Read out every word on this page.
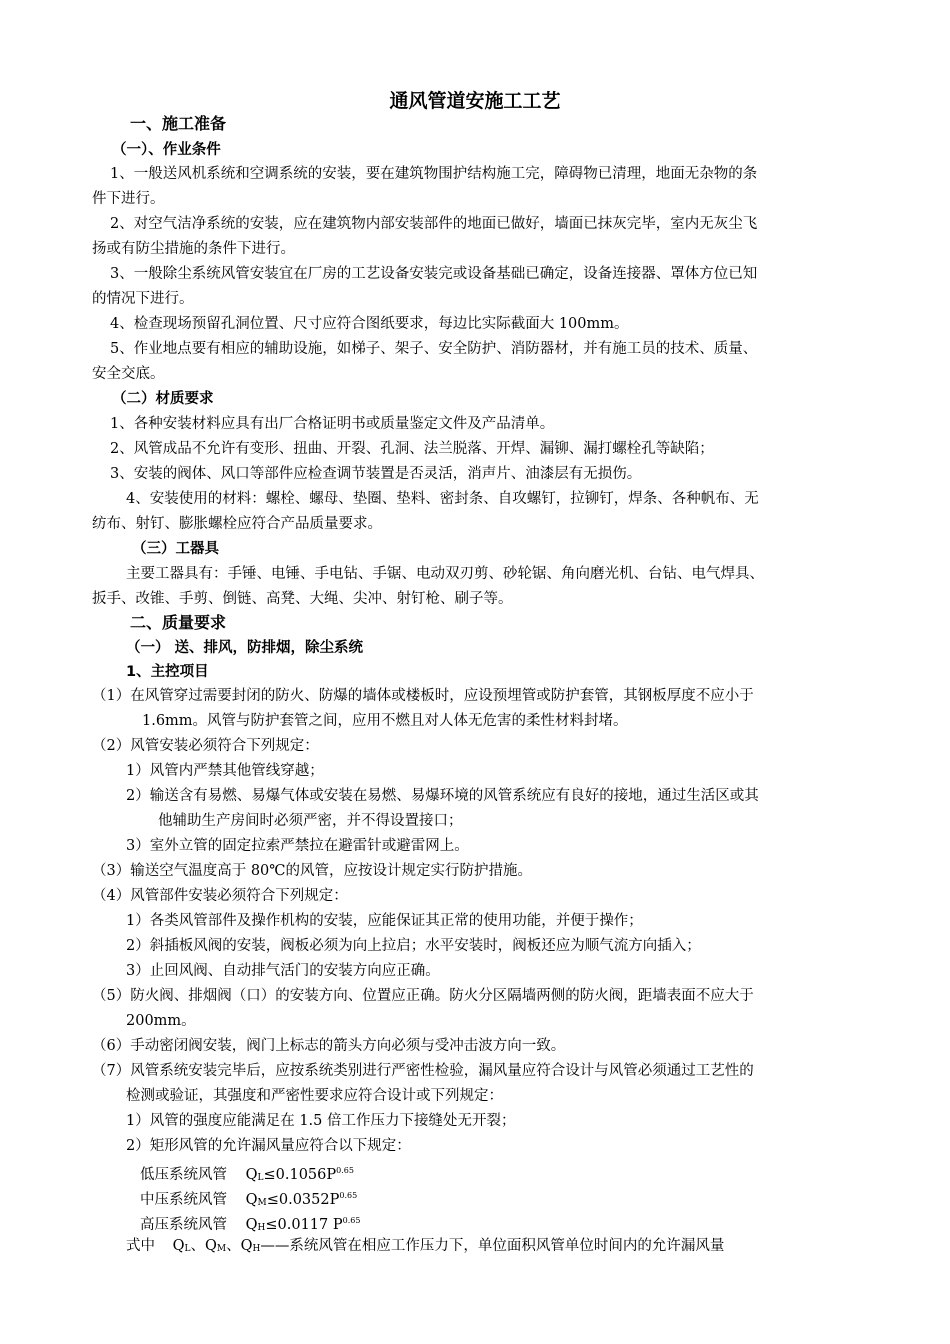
通风管道安施工工艺
一、施工准备
（一）、作业条件
1、一般送风机系统和空调系统的安装，要在建筑物围护结构施工完，障碍物已清理，地面无杂物的条
件下进行。
2、对空气洁净系统的安装，应在建筑物内部安装部件的地面已做好，墙面已抹灰完毕，室内无灰尘飞
扬或有防尘措施的条件下进行。
3、一般除尘系统风管安装宜在厂房的工艺设备安装完或设备基础已确定，设备连接器、罩体方位已知
的情况下进行。
4、检查现场预留孔洞位置、尺寸应符合图纸要求，每边比实际截面大 100mm。
5、作业地点要有相应的辅助设施，如梯子、架子、安全防护、消防器材，并有施工员的技术、质量、
安全交底。
（二）材质要求
1、各种安装材料应具有出厂合格证明书或质量鉴定文件及产品清单。
2、风管成品不允许有变形、扭曲、开裂、孔洞、法兰脱落、开焊、漏铆、漏打螺栓孔等缺陷；
3、安装的阀体、风口等部件应检查调节装置是否灵活，消声片、油漆层有无损伤。
4、安装使用的材料：螺栓、螺母、垫圈、垫料、密封条、自攻螺钉，拉铆钉，焊条、各种帆布、无
纺布、射钉、膨胀螺栓应符合产品质量要求。
（三）工器具
主要工器具有：手锤、电锤、手电钻、手锯、电动双刃剪、砂轮锯、角向磨光机、台钻、电气焊具、
扳手、改锥、手剪、倒链、高凳、大绳、尖冲、射钉枪、刷子等。
二、质量要求
（一） 送、排风，防排烟，除尘系统
1、主控项目
（1）在风管穿过需要封闭的防火、防爆的墙体或楼板时，应设预埋管或防护套管，其钢板厚度不应小于
1.6mm。风管与防护套管之间，应用不燃且对人体无危害的柔性材料封堵。
（2）风管安装必须符合下列规定：
1）风管内严禁其他管线穿越；
2）输送含有易燃、易爆气体或安装在易燃、易爆环境的风管系统应有良好的接地，通过生活区或其
他辅助生产房间时必须严密，并不得设置接口；
3）室外立管的固定拉索严禁拉在避雷针或避雷网上。
（3）输送空气温度高于 80℃的风管，应按设计规定实行防护措施。
（4）风管部件安装必须符合下列规定：
1）各类风管部件及操作机构的安装，应能保证其正常的使用功能，并便于操作；
2）斜插板风阀的安装，阀板必须为向上拉启；水平安装时，阀板还应为顺气流方向插入；
3）止回风阀、自动排气活门的安装方向应正确。
（5）防火阀、排烟阀（口）的安装方向、位置应正确。防火分区隔墙两侧的防火阀，距墙表面不应大于
200mm。
（6）手动密闭阀安装，阀门上标志的箭头方向必须与受冲击波方向一致。
（7）风管系统安装完毕后，应按系统类别进行严密性检验，漏风量应符合设计与风管必须通过工艺性的
检测或验证，其强度和严密性要求应符合设计或下列规定：
1）风管的强度应能满足在 1.5 倍工作压力下接缝处无开裂；
2）矩形风管的允许漏风量应符合以下规定：
低压系统风管 $Q_L\le 0.1056P^{0.65}$
中压系统风管 $Q_M\le 0.0352P^{0.65}$
高压系统风管 $Q_H\le 0.0117$ $P^{0.65}$
式中 $Q_L$、$Q_M$、$Q_H——$系统风管在相应工作压力下，单位面积风管单位时间内的允许漏风量
